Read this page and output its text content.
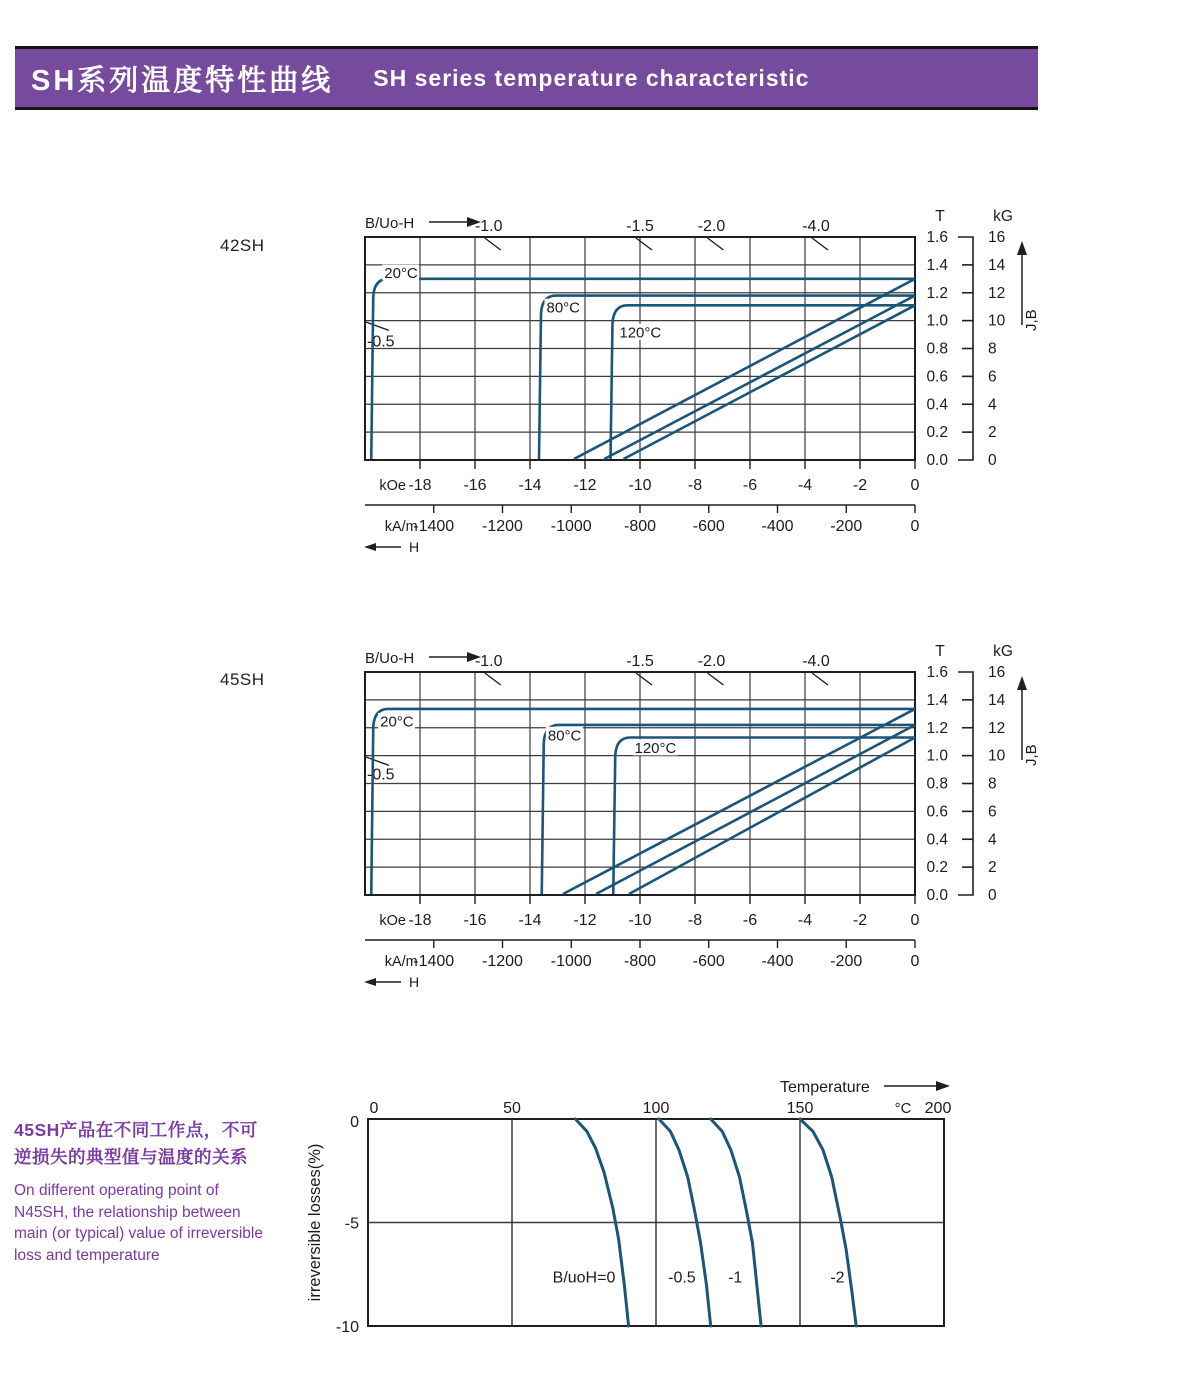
SH系列温度特性曲线 SH series temperature characteristic
42SH
45SH
B/Uo-H	-1.0	-1.5	-2.0	-4.0
-0.5
20°C
80°C
120°C
1.6	16
1.4	14
1.2	12
1.0	10
0.8	8
0.6	6
0.4	4
0.2	2
0.0	0
T	kG
J,B
-18 -16 -14 -12 -10 -8	-6	-4	-2	0
kOe
-1400 -1200 -1000 -800 -600 -400 -200	0
kA/m
H
B/Uo-H	-1.0	-1.5	-2.0	-4.0
-0.5
20°C
80°C
120°C
1.6	16
1.4	14
1.2	12
1.0	10
0.8	8
0.6	6
0.4	4
0.2	2
0.0	0
T	kG
J,B
-18 -16 -14 -12 -10 -8	-6	-4	-2	0
kOe
-1400 -1200 -1000 -800 -600 -400 -200	0
kA/m
H
Temperature
0	50	100	150	200
°C
0
-5
-10
irreversible losses(%)	B/uoH=0	-0.5 -1	-2
45SH产品在不同工作点，不可
逆损失的典型值与温度的关系
On different operating point of
N45SH, the relationship between
main (or typical) value of irreversible
loss and temperature
